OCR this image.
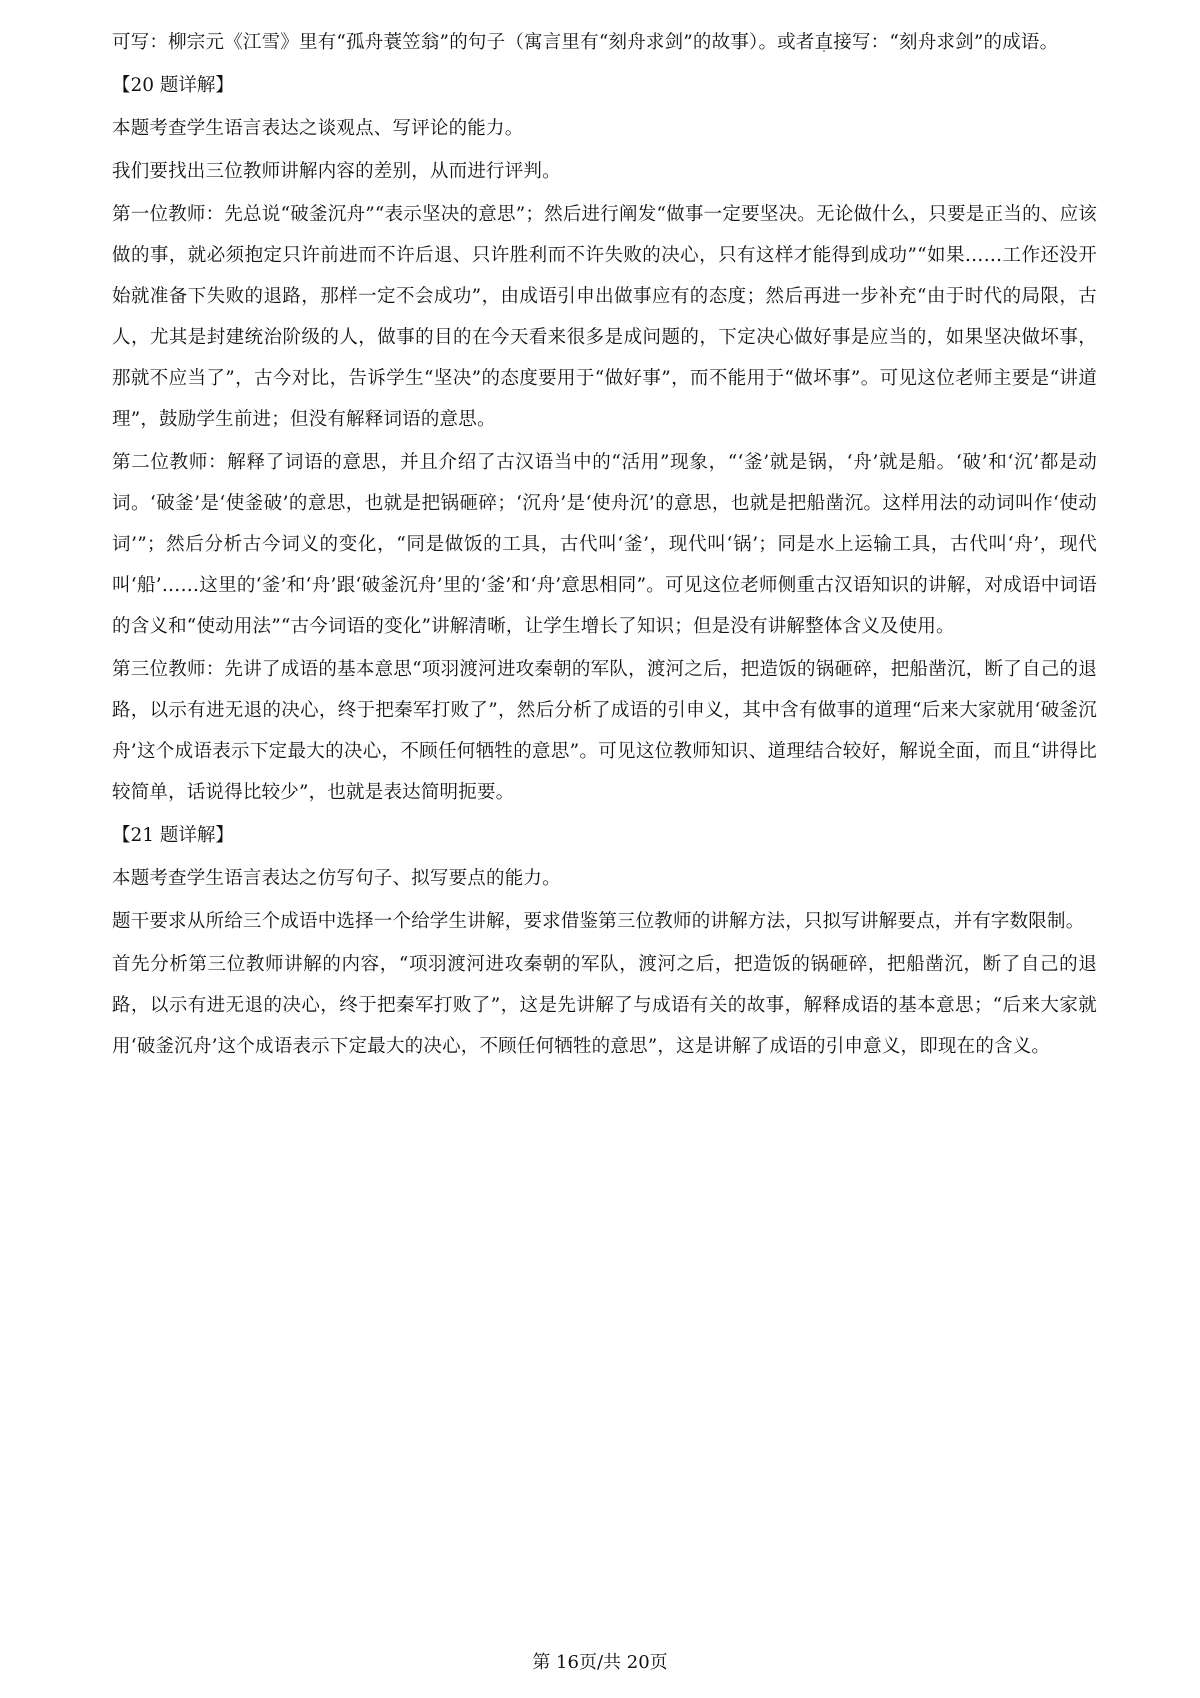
可写：柳宗元《江雪》里有“孤舟蓑笠翁”的句子（寓言里有“刻舟求剑”的故事）。或者直接写：“刻舟求剑”的成语。

【20 题详解】

本题考查学生语言表达之谈观点、写评论的能力。

我们要找出三位教师讲解内容的差别，从而进行评判。

第一位教师：先总说“破釜沉舟”“表示坚决的意思”；然后进行阐发“做事一定要坚决。无论做什么，只要是正当的、应该做的事，就必须抱定只许前进而不许后退、只许胜利而不许失败的决心，只有这样才能得到成功”“如果……工作还没开始就准备下失败的退路，那样一定不会成功”，由成语引申出做事应有的态度；然后再进一步补充“由于时代的局限，古人，尤其是封建统治阶级的人，做事的目的在今天看来很多是成问题的，下定决心做好事是应当的，如果坚决做坏事，那就不应当了”，古今对比，告诉学生“坚决”的态度要用于“做好事”，而不能用于“做坏事”。可见这位老师主要是“讲道理”，鼓励学生前进；但没有解释词语的意思。

第二位教师：解释了词语的意思，并且介绍了古汉语当中的“活用”现象，“‘釜’就是锅，‘舟’就是船。‘破’和‘沉’都是动词。‘破釜’是‘使釜破’的意思，也就是把锅砸碎；‘沉舟’是‘使舟沉’的意思，也就是把船凿沉。这样用法的动词叫作‘使动词’”；然后分析古今词义的变化，“同是做饭的工具，古代叫‘釜’，现代叫‘锅’；同是水上运输工具，古代叫‘舟’，现代叫‘船’……这里的‘釜’和‘舟’跟‘破釜沉舟’里的‘釜’和‘舟’意思相同”。可见这位老师侧重古汉语知识的讲解，对成语中词语的含义和“使动用法”“古今词语的变化”讲解清晰，让学生增长了知识；但是没有讲解整体含义及使用。

第三位教师：先讲了成语的基本意思“项羽渡河进攻秦朝的军队，渡河之后，把造饭的锅砸碎，把船凿沉，断了自己的退路，以示有进无退的决心，终于把秦军打败了”，然后分析了成语的引申义，其中含有做事的道理“后来大家就用‘破釜沉舟’这个成语表示下定最大的决心，不顾任何牺牲的意思”。可见这位教师知识、道理结合较好，解说全面，而且“讲得比较简单，话说得比较少”，也就是表达简明扼要。

【21 题详解】

本题考查学生语言表达之仿写句子、拟写要点的能力。

题干要求从所给三个成语中选择一个给学生讲解，要求借鉴第三位教师的讲解方法，只拟写讲解要点，并有字数限制。

首先分析第三位教师讲解的内容，“项羽渡河进攻秦朝的军队，渡河之后，把造饭的锅砸碎，把船凿沉，断了自己的退路，以示有进无退的决心，终于把秦军打败了”，这是先讲解了与成语有关的故事，解释成语的基本意思；“后来大家就用‘破釜沉舟’这个成语表示下定最大的决心，不顾任何牺牲的意思”，这是讲解了成语的引申意义，即现在的含义。

第 16页/共 20页
